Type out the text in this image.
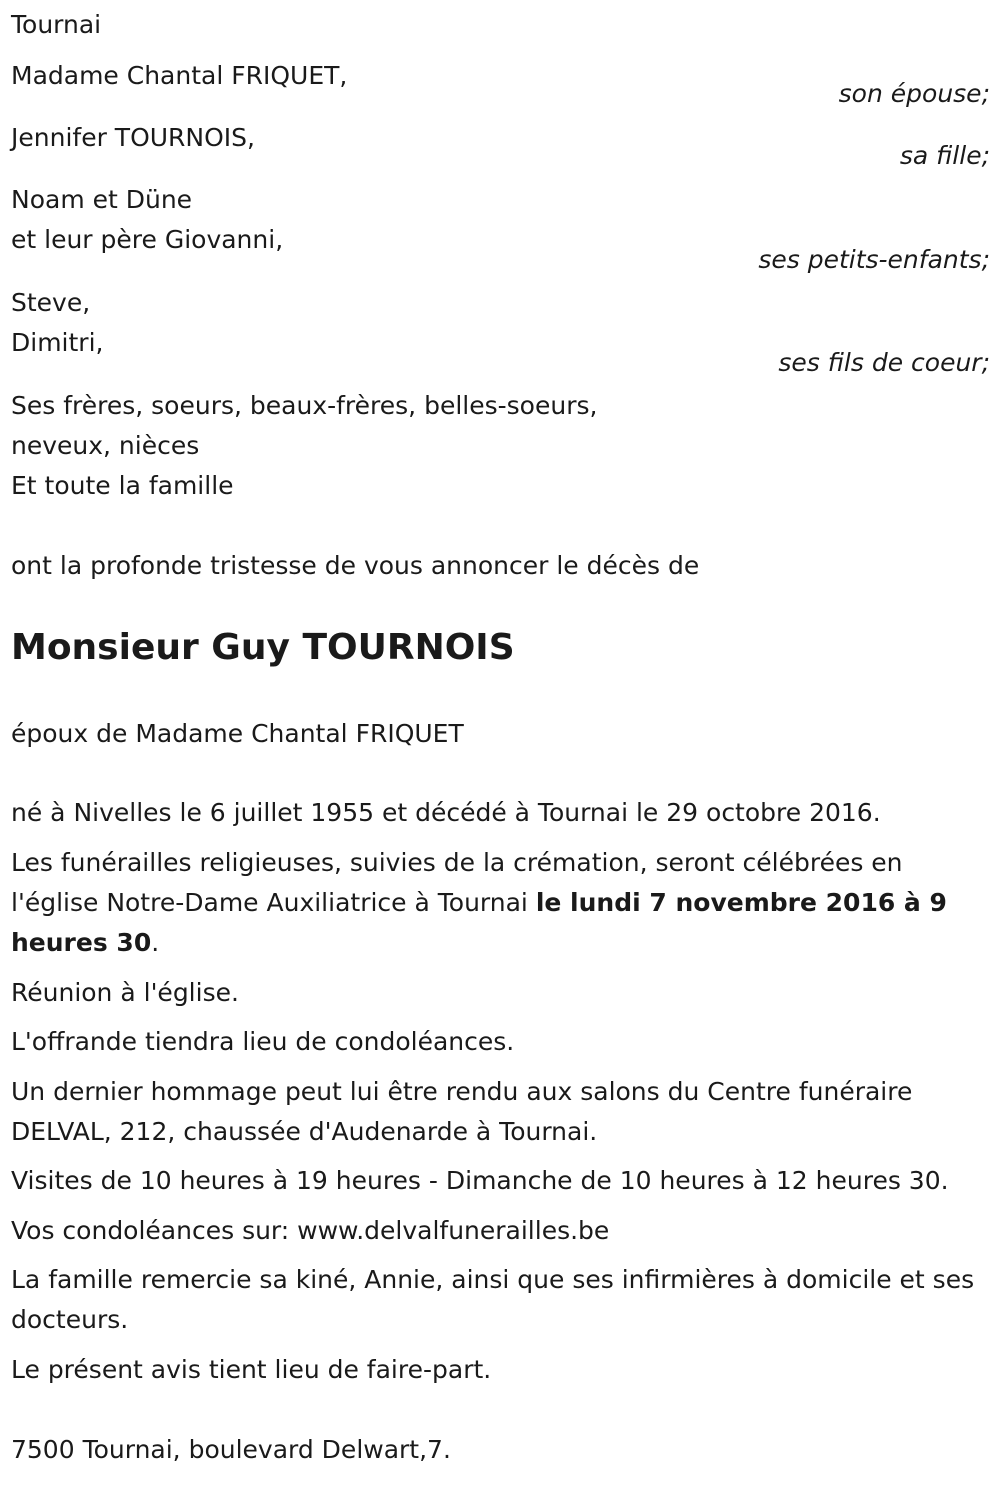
Tournai
Madame Chantal FRIQUET,
son épouse;
Jennifer TOURNOIS,
sa fille;
Noam et Düne
et leur père Giovanni,
ses petits-enfants;
Steve,
Dimitri,
ses fils de coeur;
Ses frères, soeurs, beaux-frères, belles-soeurs,
neveux, nièces
Et toute la famille
ont la profonde tristesse de vous annoncer le décès de
Monsieur Guy TOURNOIS
époux de Madame Chantal FRIQUET
né à Nivelles le 6 juillet 1955 et décédé à Tournai le 29 octobre 2016.
Les funérailles religieuses, suivies de la crémation, seront célébrées en l'église Notre-Dame Auxiliatrice à Tournai le lundi 7 novembre 2016 à 9 heures 30.
Réunion à l'église.
L'offrande tiendra lieu de condoléances.
Un dernier hommage peut lui être rendu aux salons du Centre funéraire DELVAL, 212, chaussée d'Audenarde à Tournai.
Visites de 10 heures à 19 heures - Dimanche de 10 heures à 12 heures 30.
Vos condoléances sur: www.delvalfunerailles.be
La famille remercie sa kiné, Annie, ainsi que ses infirmières à domicile et ses docteurs.
Le présent avis tient lieu de faire-part.
7500 Tournai, boulevard Delwart,7.
